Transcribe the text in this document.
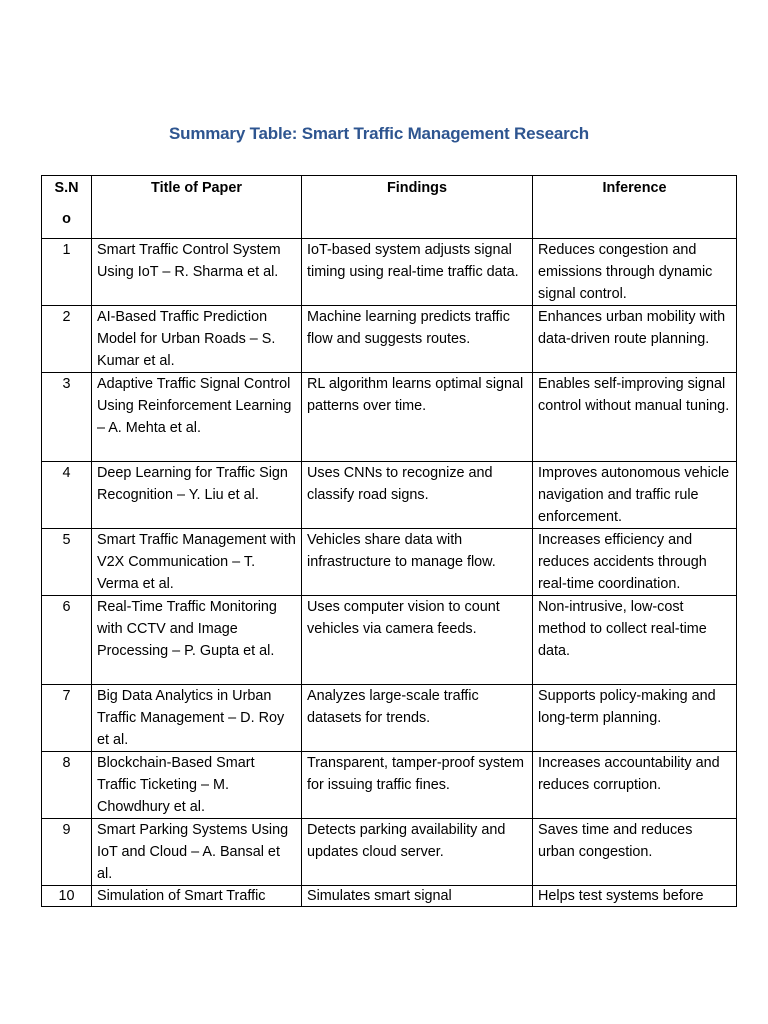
Summary Table: Smart Traffic Management Research
S.N
o	Title of Paper	Findings	Inference
1	Smart Traffic Control System Using IoT – R. Sharma et al.	IoT-based system adjusts signal timing using real-time traffic data.	Reduces congestion and emissions through dynamic signal control.
2	AI-Based Traffic Prediction Model for Urban Roads – S. Kumar et al.	Machine learning predicts traffic flow and suggests routes.	Enhances urban mobility with data-driven route planning.
3	Adaptive Traffic Signal Control Using Reinforcement Learning – A. Mehta et al.	RL algorithm learns optimal signal patterns over time.	Enables self-improving signal control without manual tuning.
4	Deep Learning for Traffic Sign Recognition – Y. Liu et al.	Uses CNNs to recognize and classify road signs.	Improves autonomous vehicle navigation and traffic rule enforcement.
5	Smart Traffic Management with V2X Communication – T. Verma et al.	Vehicles share data with infrastructure to manage flow.	Increases efficiency and reduces accidents through real-time coordination.
6	Real-Time Traffic Monitoring with CCTV and Image Processing – P. Gupta et al.	Uses computer vision to count vehicles via camera feeds.	Non-intrusive, low-cost method to collect real-time data.
7	Big Data Analytics in Urban Traffic Management – D. Roy et al.	Analyzes large-scale traffic datasets for trends.	Supports policy-making and long-term planning.
8	Blockchain-Based Smart Traffic Ticketing – M. Chowdhury et al.	Transparent, tamper-proof system for issuing traffic fines.	Increases accountability and reduces corruption.
9	Smart Parking Systems Using IoT and Cloud – A. Bansal et al.	Detects parking availability and updates cloud server.	Saves time and reduces urban congestion.

10	Simulation of Smart Traffic	Simulates smart signal	Helps test systems before
